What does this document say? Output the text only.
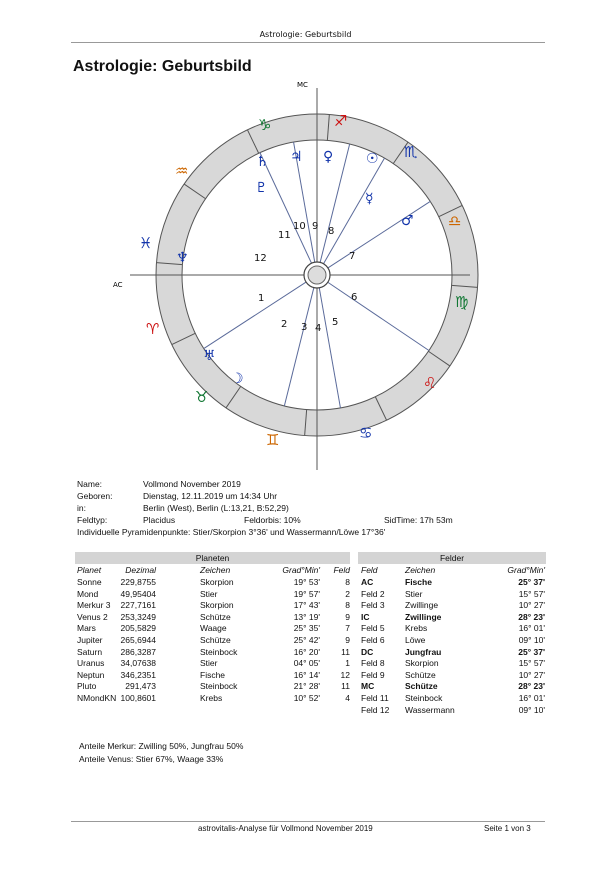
Astrologie: Geburtsbild
Astrologie: Geburtsbild
MC
AC
1
2 3 4
5
6
7
8
9
10
11
12
♑	♐
♏
♎
♍
♌
♋
♊
♉
♈
♓
♒	♄
♇
♃ ♀ ☉
☿
♂
♆
♅
☽
Name:	Vollmond November 2019
Geboren:	Dienstag, 12.11.2019 um 14:34 Uhr
in:	Berlin (West), Berlin (L:13,21, B:52,29)
Feldtyp:	Placidus	Feldorbis: 10%	SidTime: 17h 53m
Individuelle Pyramidenpunkte: Stier/Skorpion 3°36' und Wassermann/Löwe 17°36'
Planeten
Planet	Dezimal	Zeichen	Grad°Min' Feld
Sonne 229,8755	Skorpion	19° 53'	8
Mond	49,95404	Stier	19° 57'	2
Merkur 3 227,7161	Skorpion	17° 43'	8
Venus 2 253,3249	Schütze	13° 19'	9
Mars	205,5829	Waage	25° 35'	7
Jupiter 265,6944	Schütze	25° 42'	9
Saturn 286,3287	Steinbock	16° 20' 11
Uranus 34,07638	Stier	04° 05'	1
Neptun 346,2351	Fische	16° 14' 12
Pluto	291,473	Steinbock	21° 28' 11
NMondKN 100,8601	Krebs	10° 52'	4
Felder
Feld	Zeichen	Grad°Min'
AC	Fische	25° 37'
Feld 2 Stier	15° 57'
Feld 3 Zwillinge	10° 27'
IC	Zwillinge	28° 23'
Feld 5 Krebs	16° 01'
Feld 6 Löwe	09° 10'
DC	Jungfrau	25° 37'
Feld 8 Skorpion	15° 57'
Feld 9 Schütze	10° 27'
MC	Schütze	28° 23'
Feld 11 Steinbock	16° 01'
Feld 12 Wassermann	09° 10'
Anteile Merkur: Zwilling 50%, Jungfrau 50%
Anteile Venus: Stier 67%, Waage 33%
astrovitalis-Analyse für Vollmond November 2019	Seite 1 von 3
